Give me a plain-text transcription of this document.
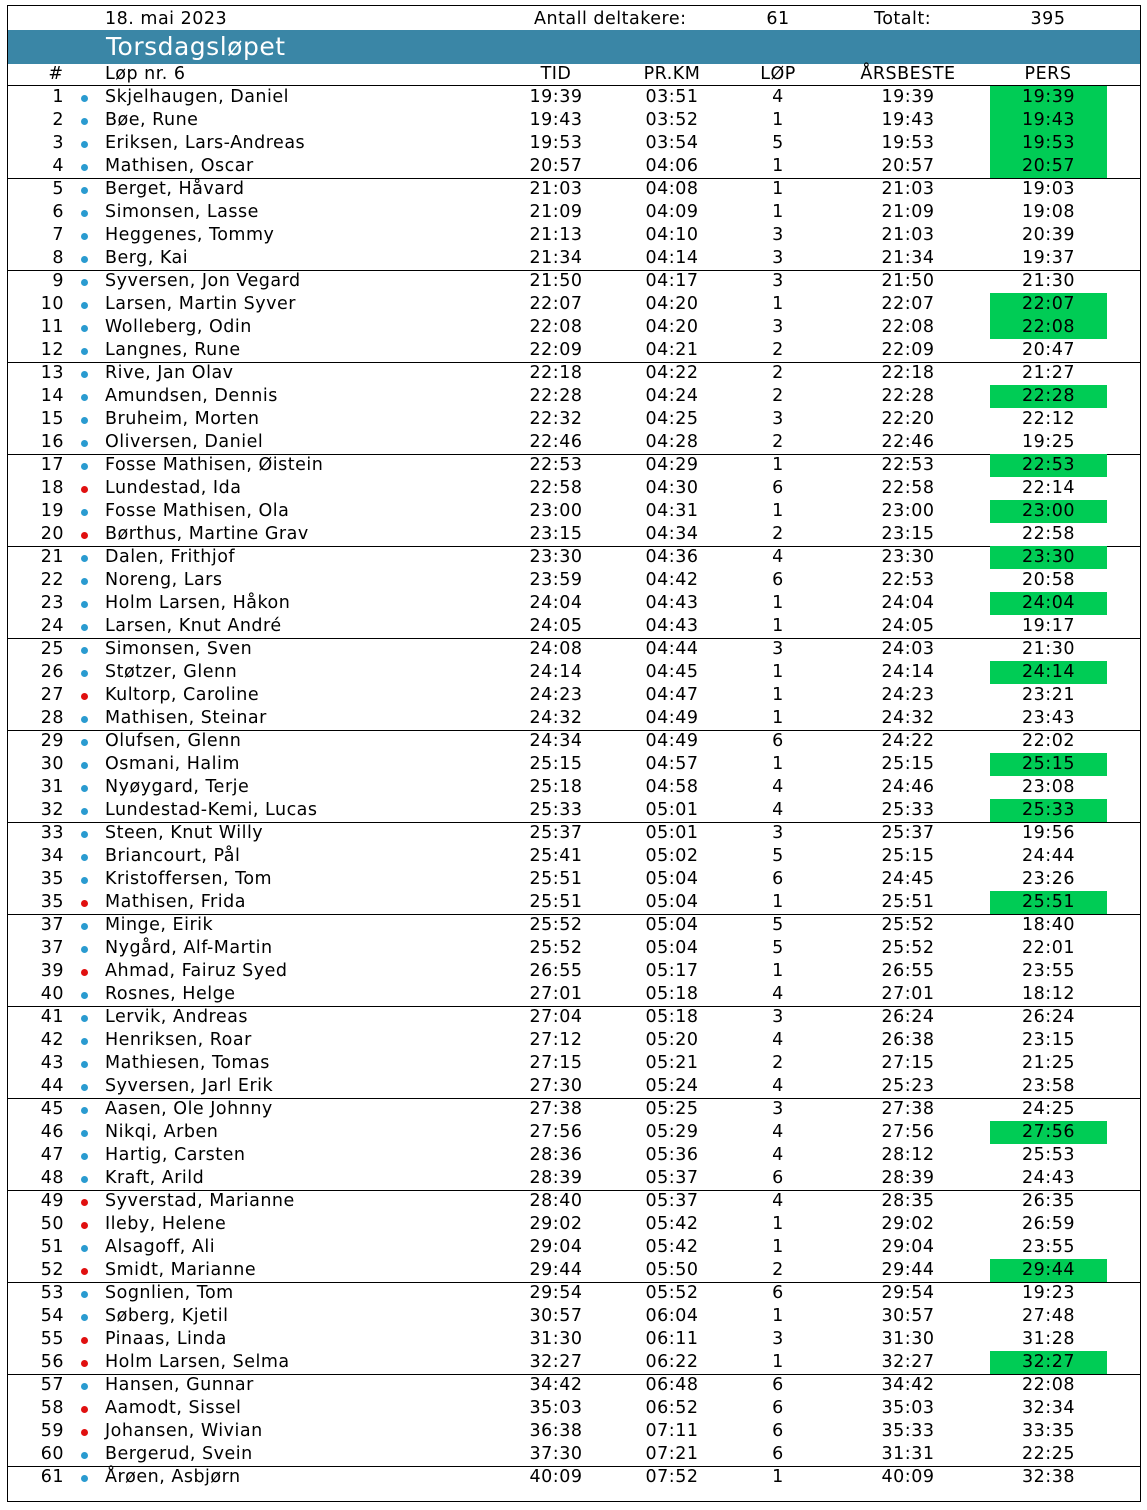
18. mai 2023	Antall deltakere:	61	Totalt:	395
Torsdagsløpet
#	Løp nr. 6	TID	PR.KM	LØP	ÅRSBESTE	PERS
1 Skjelhaugen, Daniel	19:39	03:51	4	19:39	19:39
2 Bøe, Rune	19:43	03:52	1	19:43	19:43
3 Eriksen, Lars-Andreas	19:53	03:54	5	19:53	19:53
4 Mathisen, Oscar	20:57	04:06	1	20:57	20:57
5 Berget, Håvard	21:03	04:08	1	21:03	19:03
6 Simonsen, Lasse	21:09	04:09	1	21:09	19:08
7 Heggenes, Tommy	21:13	04:10	3	21:03	20:39
8 Berg, Kai	21:34	04:14	3	21:34	19:37
9 Syversen, Jon Vegard	21:50	04:17	3	21:50	21:30
10 Larsen, Martin Syver	22:07	04:20	1	22:07	22:07
11 Wolleberg, Odin	22:08	04:20	3	22:08	22:08
12 Langnes, Rune	22:09	04:21	2	22:09	20:47
13 Rive, Jan Olav	22:18	04:22	2	22:18	21:27
14 Amundsen, Dennis	22:28	04:24	2	22:28	22:28
15 Bruheim, Morten	22:32	04:25	3	22:20	22:12
16 Oliversen, Daniel	22:46	04:28	2	22:46	19:25
17 Fosse Mathisen, Øistein	22:53	04:29	1	22:53	22:53
18 Lundestad, Ida	22:58	04:30	6	22:58	22:14
19 Fosse Mathisen, Ola	23:00	04:31	1	23:00	23:00
20 Børthus, Martine Grav	23:15	04:34	2	23:15	22:58
21 Dalen, Frithjof	23:30	04:36	4	23:30	23:30
22 Noreng, Lars	23:59	04:42	6	22:53	20:58
23 Holm Larsen, Håkon	24:04	04:43	1	24:04	24:04
24 Larsen, Knut André	24:05	04:43	1	24:05	19:17
25 Simonsen, Sven	24:08	04:44	3	24:03	21:30
26 Støtzer, Glenn	24:14	04:45	1	24:14	24:14
27 Kultorp, Caroline	24:23	04:47	1	24:23	23:21
28 Mathisen, Steinar	24:32	04:49	1	24:32	23:43
29 Olufsen, Glenn	24:34	04:49	6	24:22	22:02
30 Osmani, Halim	25:15	04:57	1	25:15	25:15
31 Nyøygard, Terje	25:18	04:58	4	24:46	23:08
32 Lundestad-Kemi, Lucas	25:33	05:01	4	25:33	25:33
33 Steen, Knut Willy	25:37	05:01	3	25:37	19:56
34 Briancourt, Pål	25:41	05:02	5	25:15	24:44
35 Kristoffersen, Tom	25:51	05:04	6	24:45	23:26
35 Mathisen, Frida	25:51	05:04	1	25:51	25:51
37 Minge, Eirik	25:52	05:04	5	25:52	18:40
37 Nygård, Alf-Martin	25:52	05:04	5	25:52	22:01
39 Ahmad, Fairuz Syed	26:55	05:17	1	26:55	23:55
40 Rosnes, Helge	27:01	05:18	4	27:01	18:12
41 Lervik, Andreas	27:04	05:18	3	26:24	26:24
42 Henriksen, Roar	27:12	05:20	4	26:38	23:15
43 Mathiesen, Tomas	27:15	05:21	2	27:15	21:25
44 Syversen, Jarl Erik	27:30	05:24	4	25:23	23:58
45 Aasen, Ole Johnny	27:38	05:25	3	27:38	24:25
46 Nikqi, Arben	27:56	05:29	4	27:56	27:56
47 Hartig, Carsten	28:36	05:36	4	28:12	25:53
48 Kraft, Arild	28:39	05:37	6	28:39	24:43
49 Syverstad, Marianne	28:40	05:37	4	28:35	26:35
50 Ileby, Helene	29:02	05:42	1	29:02	26:59
51 Alsagoff, Ali	29:04	05:42	1	29:04	23:55
52 Smidt, Marianne	29:44	05:50	2	29:44	29:44
53 Sognlien, Tom	29:54	05:52	6	29:54	19:23
54 Søberg, Kjetil	30:57	06:04	1	30:57	27:48
55 Pinaas, Linda	31:30	06:11	3	31:30	31:28
56 Holm Larsen, Selma	32:27	06:22	1	32:27	32:27
57 Hansen, Gunnar	34:42	06:48	6	34:42	22:08
58 Aamodt, Sissel	35:03	06:52	6	35:03	32:34
59 Johansen, Wivian	36:38	07:11	6	35:33	33:35
60 Bergerud, Svein	37:30	07:21	6	31:31	22:25
61 Årøen, Asbjørn	40:09	07:52	1	40:09	32:38
